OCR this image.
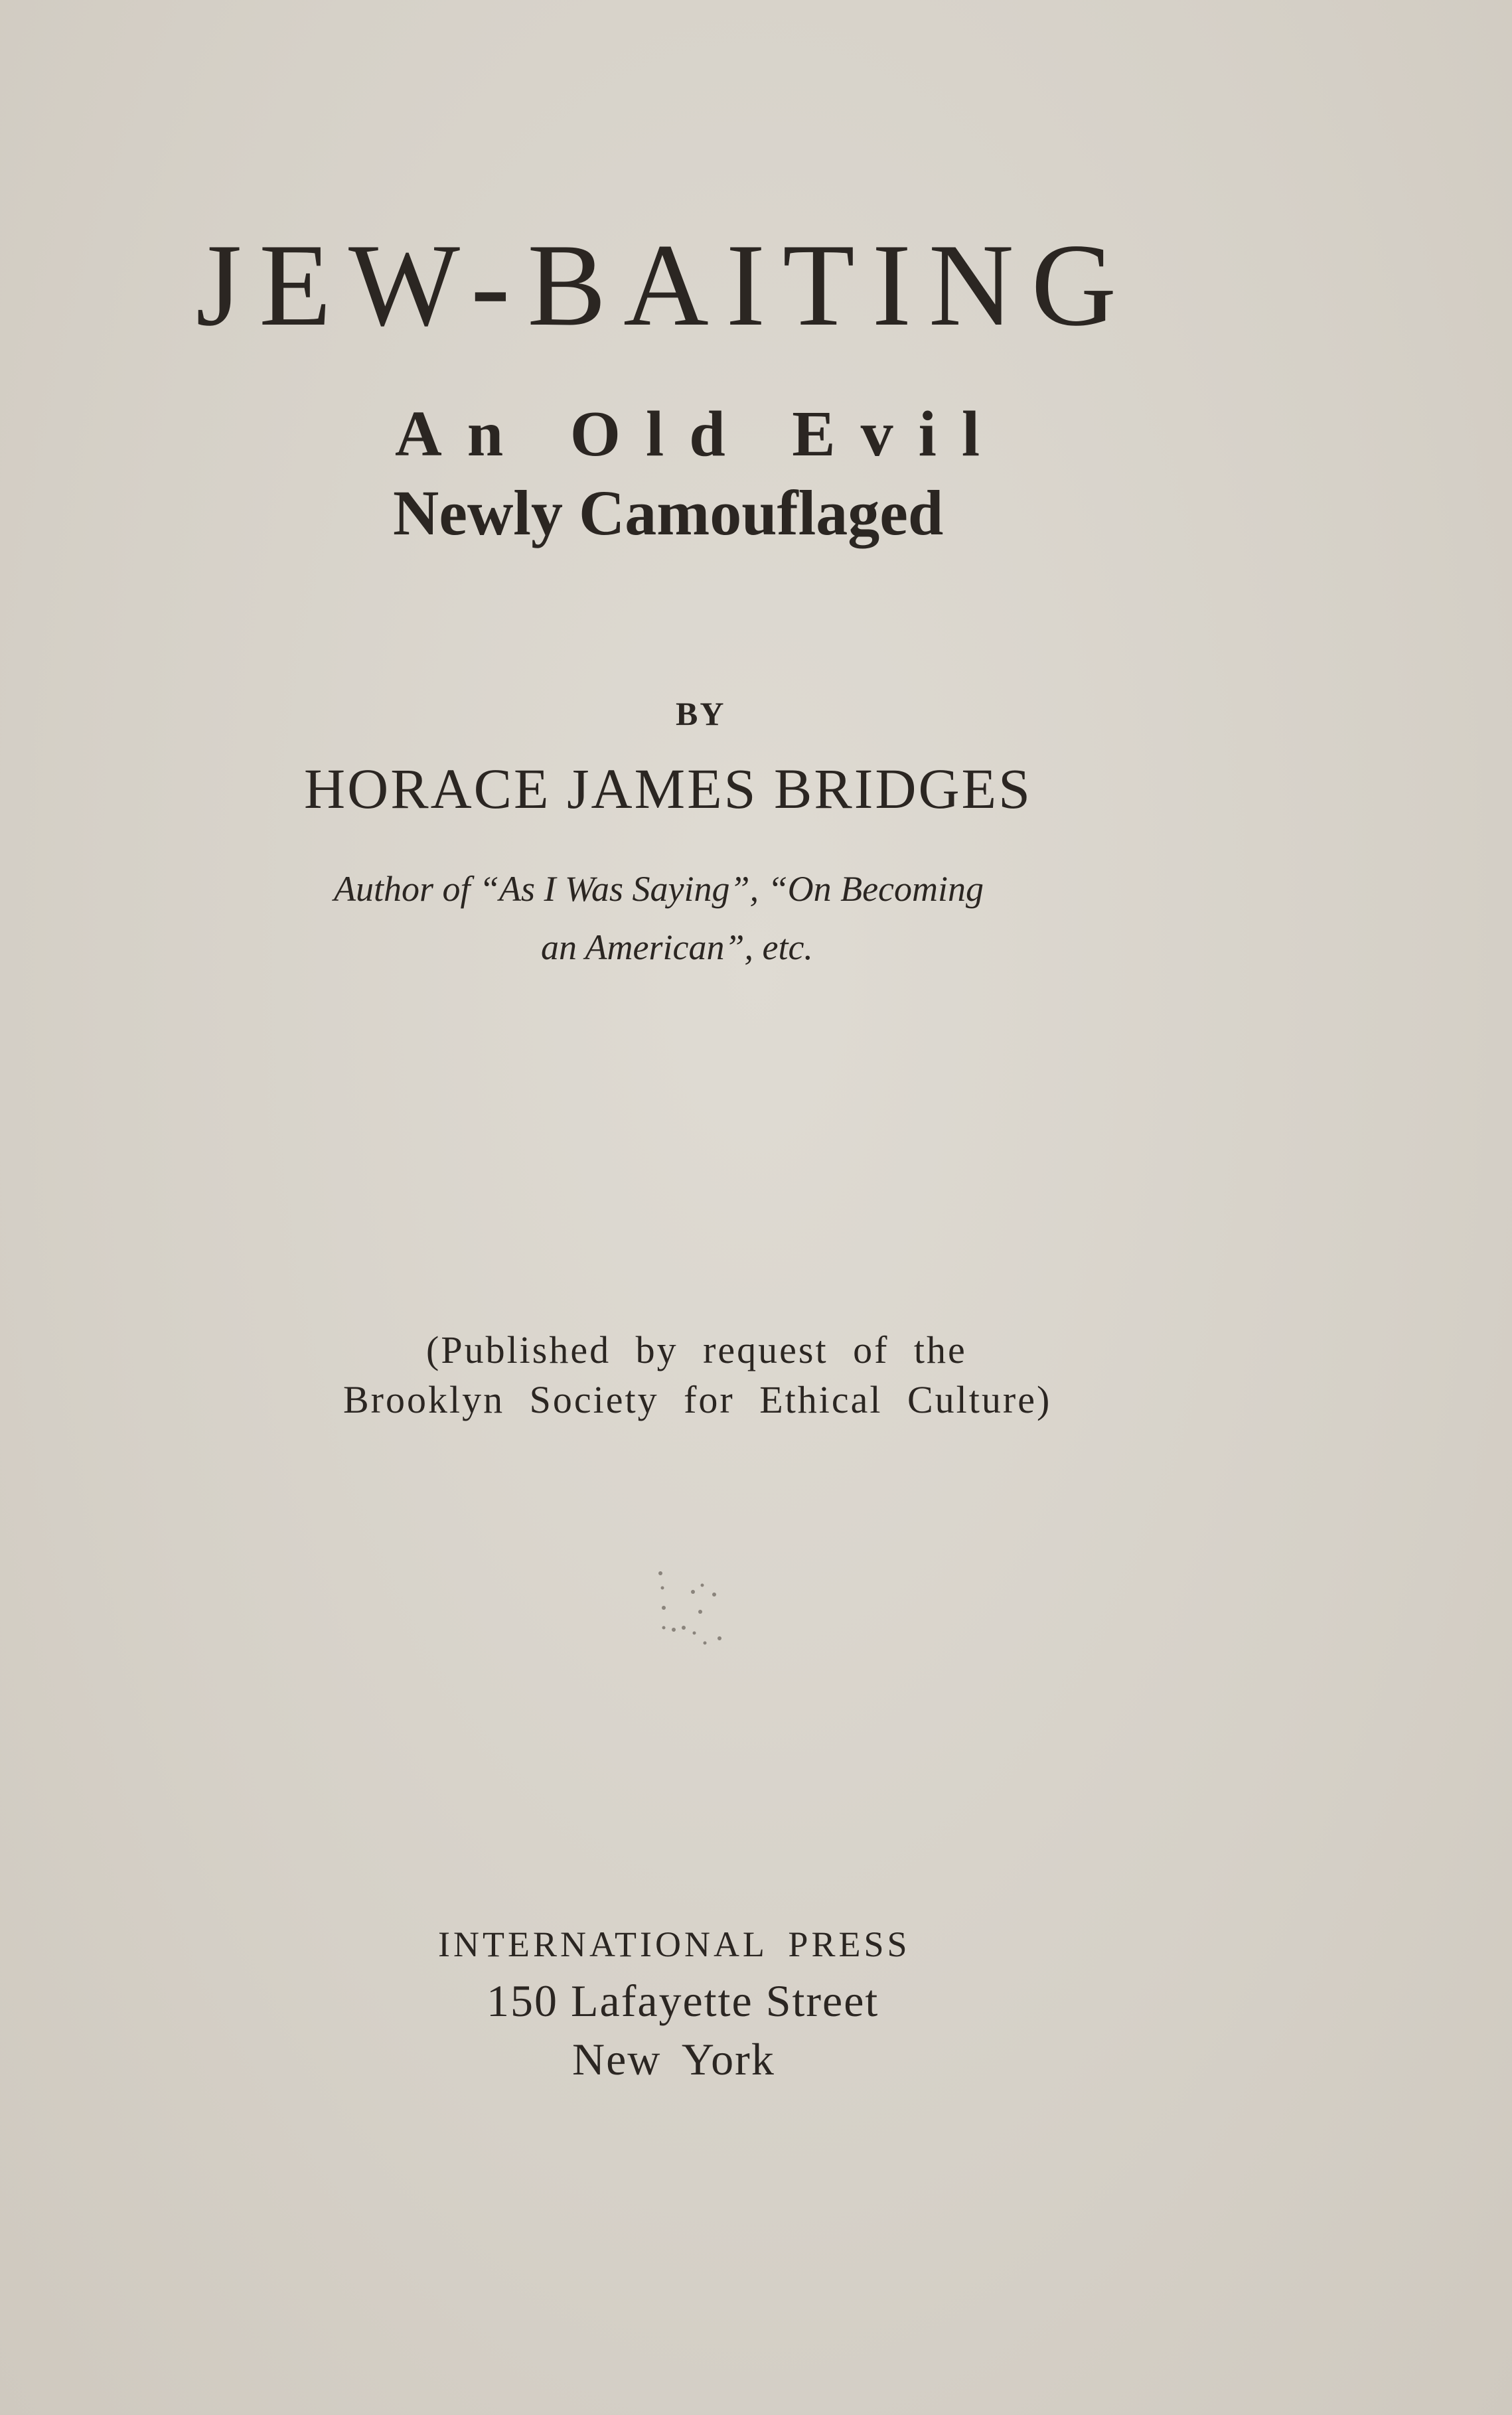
JEW-BAITING
An Old Evil
Newly Camouflaged
BY
HORACE JAMES BRIDGES
Author of “As I Was Saying”, “On Becoming
an American”, etc.
(Published by request of the
Brooklyn Society for Ethical Culture)
INTERNATIONAL PRESS
150 Lafayette Street
New York
